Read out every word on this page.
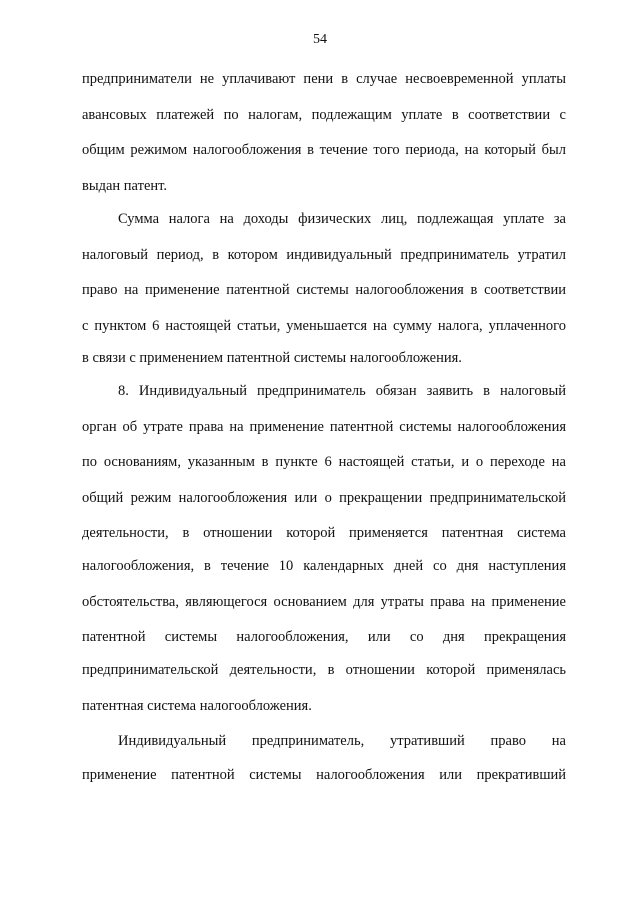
54
предприниматели не уплачивают пени в случае несвоевременной уплаты
авансовых платежей по налогам, подлежащим уплате в соответствии с
общим режимом налогообложения в течение того периода, на который был
выдан патент.
Сумма налога на доходы физических лиц, подлежащая уплате за
налоговый период, в котором индивидуальный предприниматель утратил
право на применение патентной системы налогообложения в соответствии
с пунктом 6 настоящей статьи, уменьшается на сумму налога, уплаченного
в связи с применением патентной системы налогообложения.
8. Индивидуальный предприниматель обязан заявить в налоговый
орган об утрате права на применение патентной системы налогообложения
по основаниям, указанным в пункте 6 настоящей статьи, и о переходе на
общий режим налогообложения или о прекращении предпринимательской
деятельности, в отношении которой применяется патентная система
налогообложения, в течение 10 календарных дней со дня наступления
обстоятельства, являющегося основанием для утраты права на применение
патентной системы налогообложения, или со дня прекращения
предпринимательской деятельности, в отношении которой применялась
патентная система налогообложения.
Индивидуальный предприниматель, утративший право на
применение патентной системы налогообложения или прекративший
